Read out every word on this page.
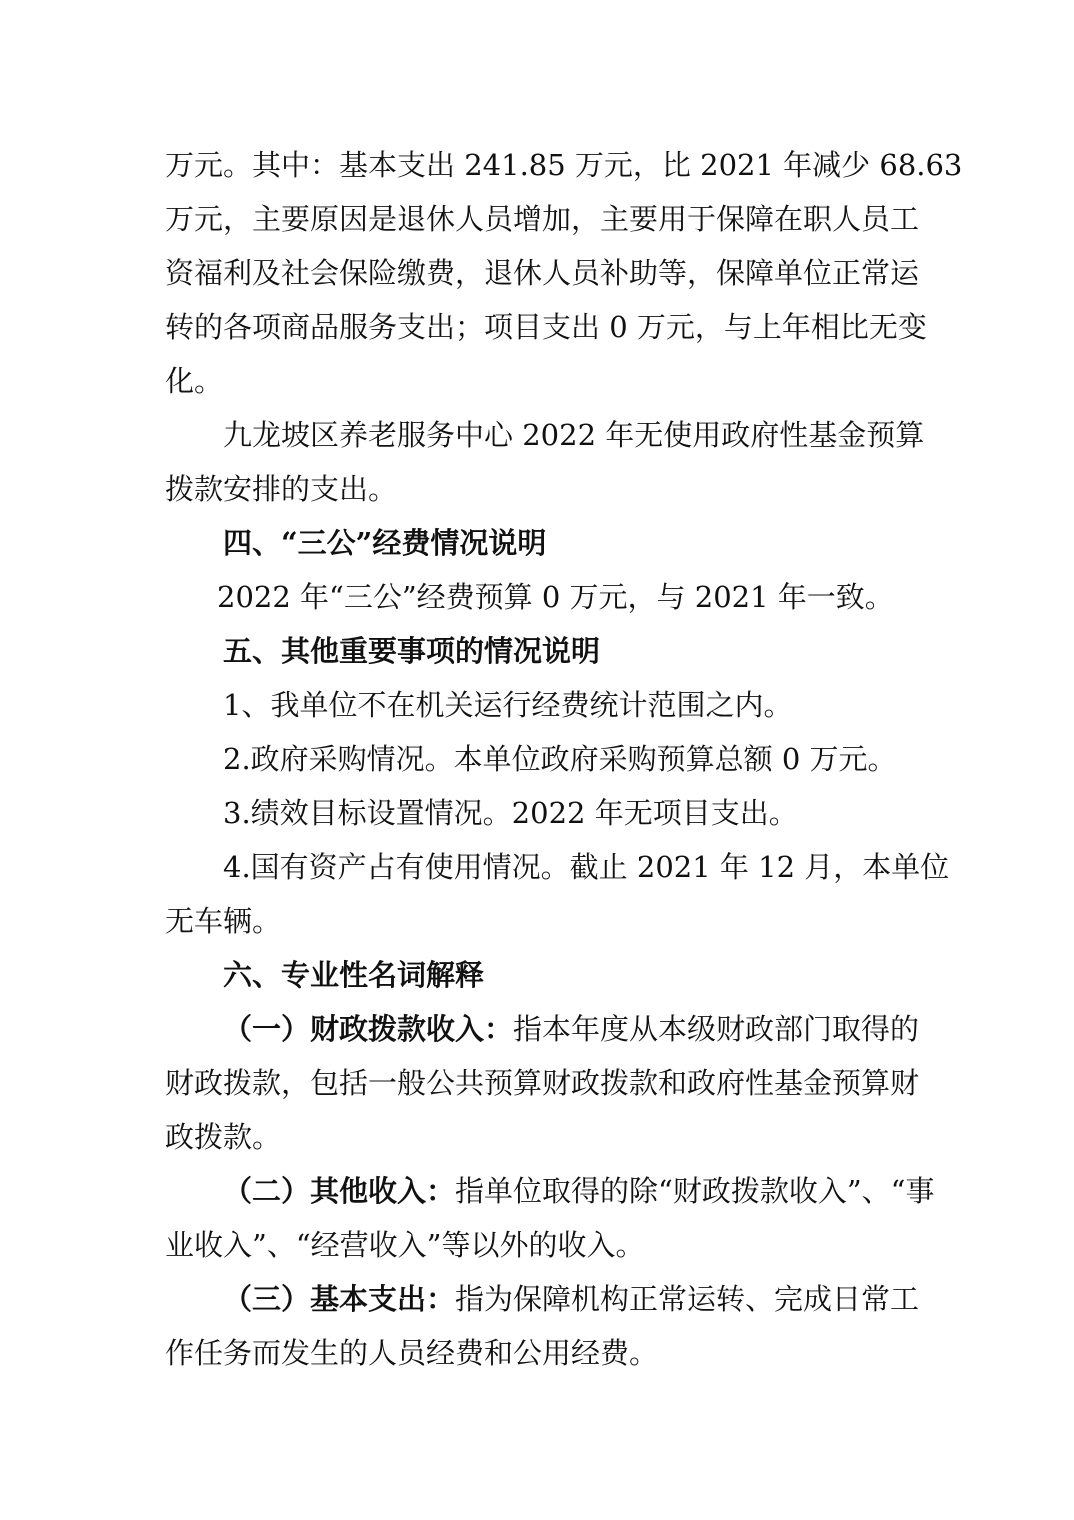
万元。其中：基本支出 241.85 万元，比 2021 年减少 68.63
万元，主要原因是退休人员增加，主要用于保障在职人员工
资福利及社会保险缴费，退休人员补助等，保障单位正常运
转的各项商品服务支出；项目支出 0 万元，与上年相比无变
化。
九龙坡区养老服务中心 2022 年无使用政府性基金预算
拨款安排的支出。
四、“三公”经费情况说明
2022 年“三公”经费预算 0 万元，与 2021 年一致。
五、其他重要事项的情况说明
1、我单位不在机关运行经费统计范围之内。
2.政府采购情况。本单位政府采购预算总额 0 万元。
3.绩效目标设置情况。2022 年无项目支出。
4.国有资产占有使用情况。截止 2021 年 12 月，本单位
无车辆。
六、专业性名词解释
（一）财政拨款收入：指本年度从本级财政部门取得的
财政拨款，包括一般公共预算财政拨款和政府性基金预算财
政拨款。
（二）其他收入：指单位取得的除“财政拨款收入”、“事
业收入”、“经营收入”等以外的收入。
（三）基本支出：指为保障机构正常运转、完成日常工
作任务而发生的人员经费和公用经费。
